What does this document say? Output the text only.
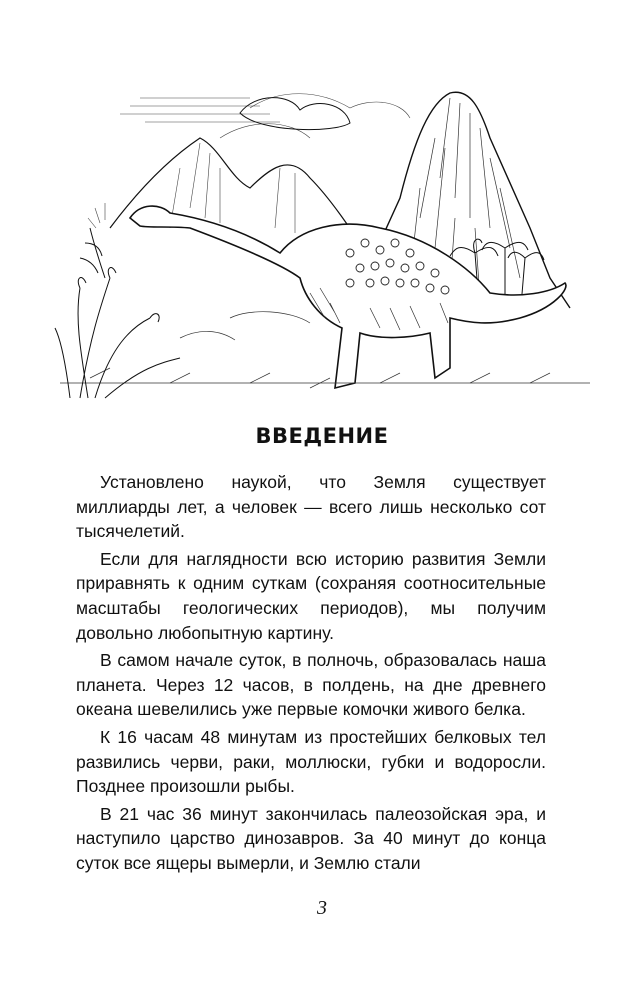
ВВЕДЕНИЕ

Установлено наукой, что Земля существует миллиарды лет, а человек — всего лишь несколько сот тысячелетий.

Если для наглядности всю историю развития Земли приравнять к одним суткам (сохраняя соотносительные масштабы геологических периодов), мы получим довольно любопытную картину.

В самом начале суток, в полночь, образовалась наша планета. Через 12 часов, в полдень, на дне древнего океана шевелились уже первые комочки живого белка.

К 16 часам 48 минутам из простейших белковых тел развились черви, раки, моллюски, губки и водоросли. Позднее произошли рыбы.

В 21 час 36 минут закончилась палеозойская эра, и наступило царство динозавров. За 40 минут до конца суток все ящеры вымерли, и Землю стали

3
